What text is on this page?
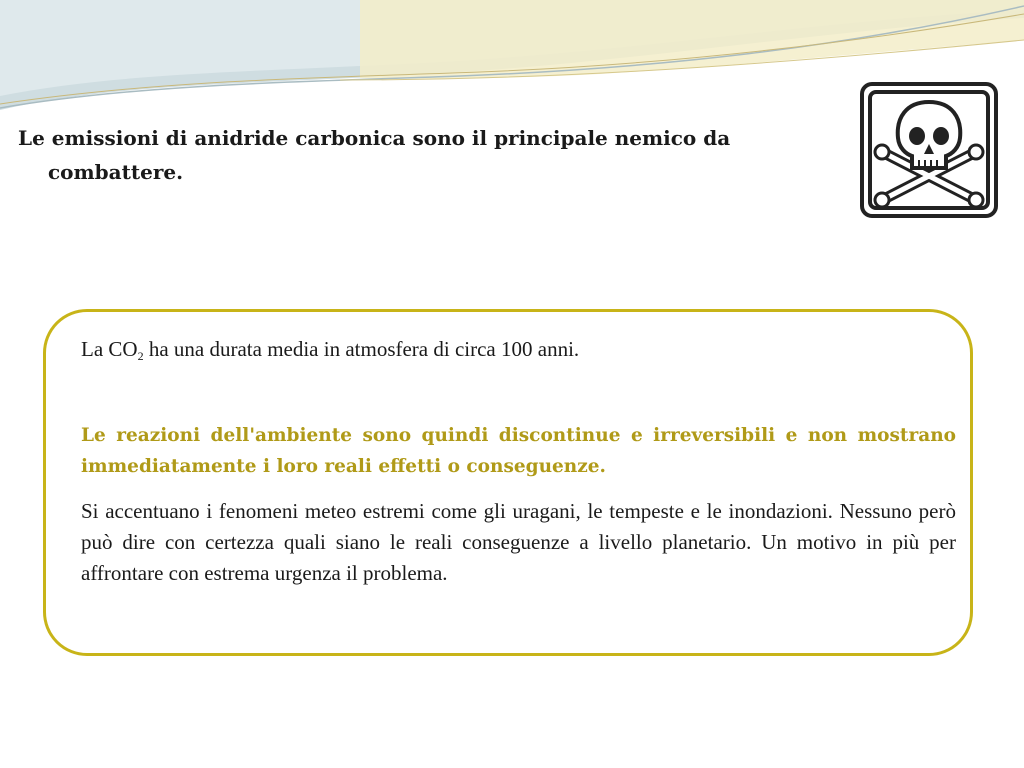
Le emissioni di anidride carbonica sono il principale nemico da
combattere.

La $CO_2$ ha una durata media in atmosfera di circa 100 anni.

Le reazioni dell'ambiente sono quindi discontinue e irreversibili e non mostrano immediatamente i loro reali effetti o conseguenze.

Si accentuano i fenomeni meteo estremi come gli uragani, le tempeste e le inondazioni. Nessuno però può dire con certezza quali siano le reali conseguenze a livello planetario. Un motivo in più per affrontare con estrema urgenza il problema.
